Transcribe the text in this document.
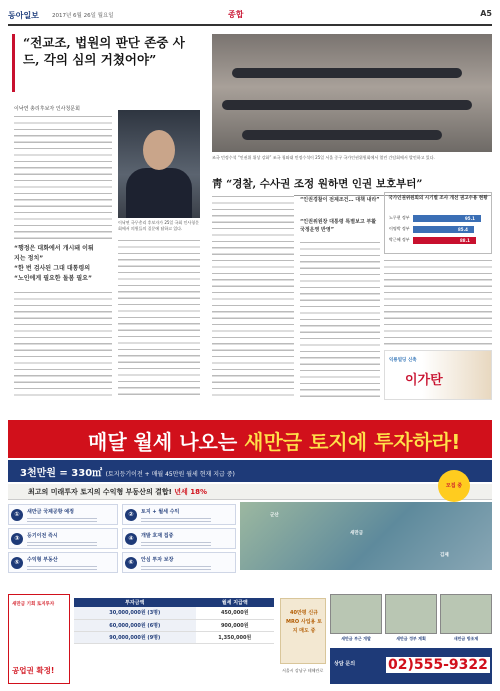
동아일보 2017년 6월 26일 월요일	종합	A5
“전교조, 법원의 판단 존중 사드, 각의 심의 거쳤어야”
이낙연 총리후보자 인사청문회
“행정은 대화에서 개시돼 이뤄
지는 정치”
“한 번 검사된 그대 대통령의
“노인에게 필요한 돌봄 필요”
이낙연 국무총리 후보자가 25일 국회 인사청문회에서 의원들의 질문에 답하고 있다.
조국 민정수석 “인권위 위상 강화” 조국 청와대 민정수석이 25일 서울 중구 국가인권위원회에서 열린 간담회에서 발언하고 있다.
靑 “경찰, 수사권 조정 원하면 인권 보호부터”
“인권경찰이 전제조건… 대책 내라”
“인권위원장 대통령 특별보고 부활 국정운영 반영”
국가인권위원회의 시기별 조사 개선 권고수용 현황
노무현 정부	95.1
이명박 정부	85.4
박근혜 정부	88.1
익룡빌딩 신축
이가탄
매달 월세 나오는 새만금 토지에 투자하라!
3천만원 = 330㎡ (토지등기이전 + 매월 45만원 월세 현재 지급 중)
최고의 미래투자 토지의 수익형 부동산의 결합! 년세 18%
모집 중
①	새만금 국제공항 예정	②	토지 + 월세 수익
③	등기이전 즉시	④	개발 호재 집중
⑤	수익형 부동산	⑥	안심 투자 보장
새만금
군산
김제
새만금 기회 토지투자
공업권 확정!
투자금액	월세 지급액
30,000,000원 (3명)	450,000원
60,000,000원 (6명)	900,000원
90,000,000원 (9명)	1,350,000원
40만평 신규 MRO 사업용 토지 매도 중
새만금 부근 개발	새만금 정부 계획	새만금 방조제
상담 문의 02)555-9322
서울시 강남구 테헤란로
